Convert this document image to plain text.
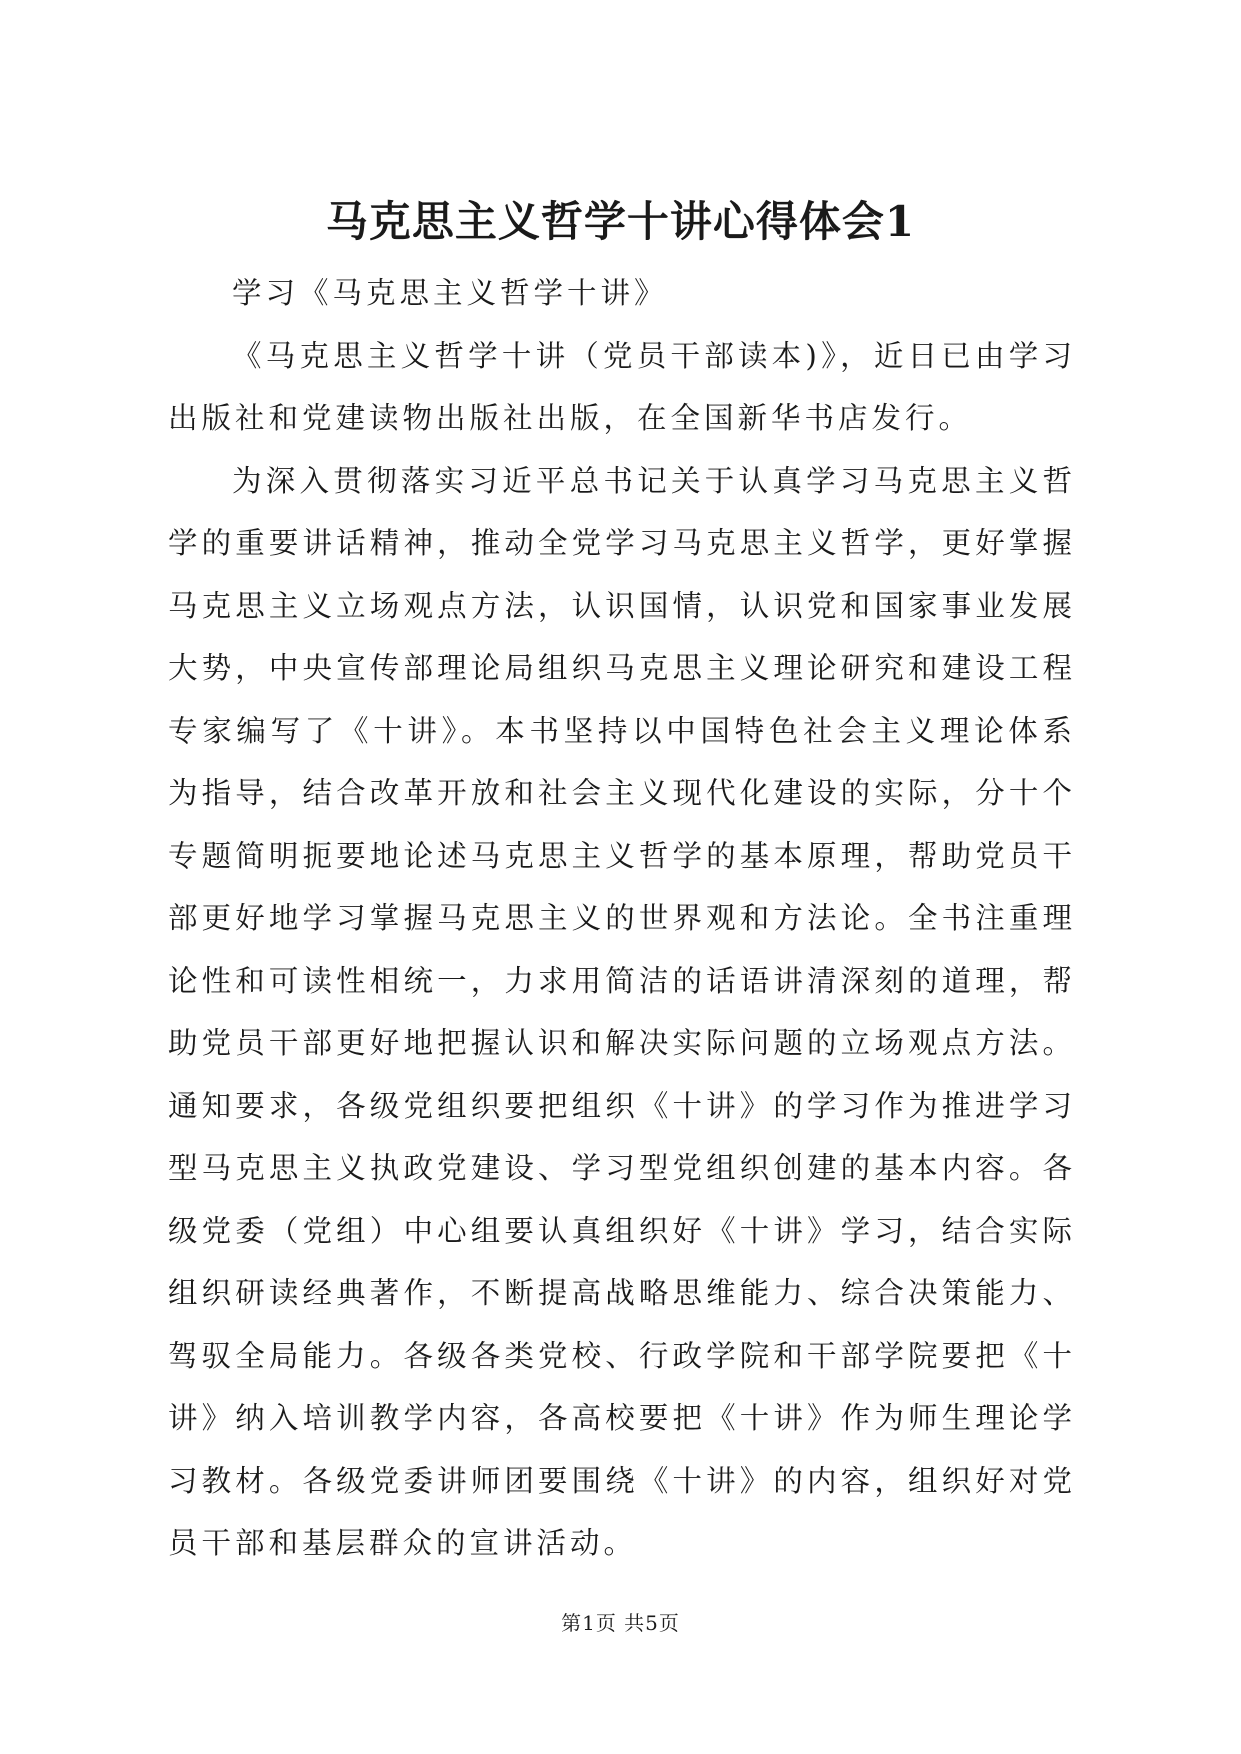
马克思主义哲学十讲心得体会1

学习《马克思主义哲学十讲》

《马克思主义哲学十讲（党员干部读本)》，近日已由学习出版社和党建读物出版社出版，在全国新华书店发行。

为深入贯彻落实习近平总书记关于认真学习马克思主义哲学的重要讲话精神，推动全党学习马克思主义哲学，更好掌握马克思主义立场观点方法，认识国情，认识党和国家事业发展大势，中央宣传部理论局组织马克思主义理论研究和建设工程专家编写了《十讲》。本书坚持以中国特色社会主义理论体系为指导，结合改革开放和社会主义现代化建设的实际，分十个专题简明扼要地论述马克思主义哲学的基本原理，帮助党员干部更好地学习掌握马克思主义的世界观和方法论。全书注重理论性和可读性相统一，力求用简洁的话语讲清深刻的道理，帮助党员干部更好地把握认识和解决实际问题的立场观点方法。通知要求，各级党组织要把组织《十讲》的学习作为推进学习型马克思主义执政党建设、学习型党组织创建的基本内容。各级党委（党组）中心组要认真组织好《十讲》学习，结合实际组织研读经典著作，不断提高战略思维能力、综合决策能力、驾驭全局能力。各级各类党校、行政学院和干部学院要把《十讲》纳入培训教学内容，各高校要把《十讲》作为师生理论学习教材。各级党委讲师团要围绕《十讲》的内容，组织好对党员干部和基层群众的宣讲活动。

第1页 共5页
